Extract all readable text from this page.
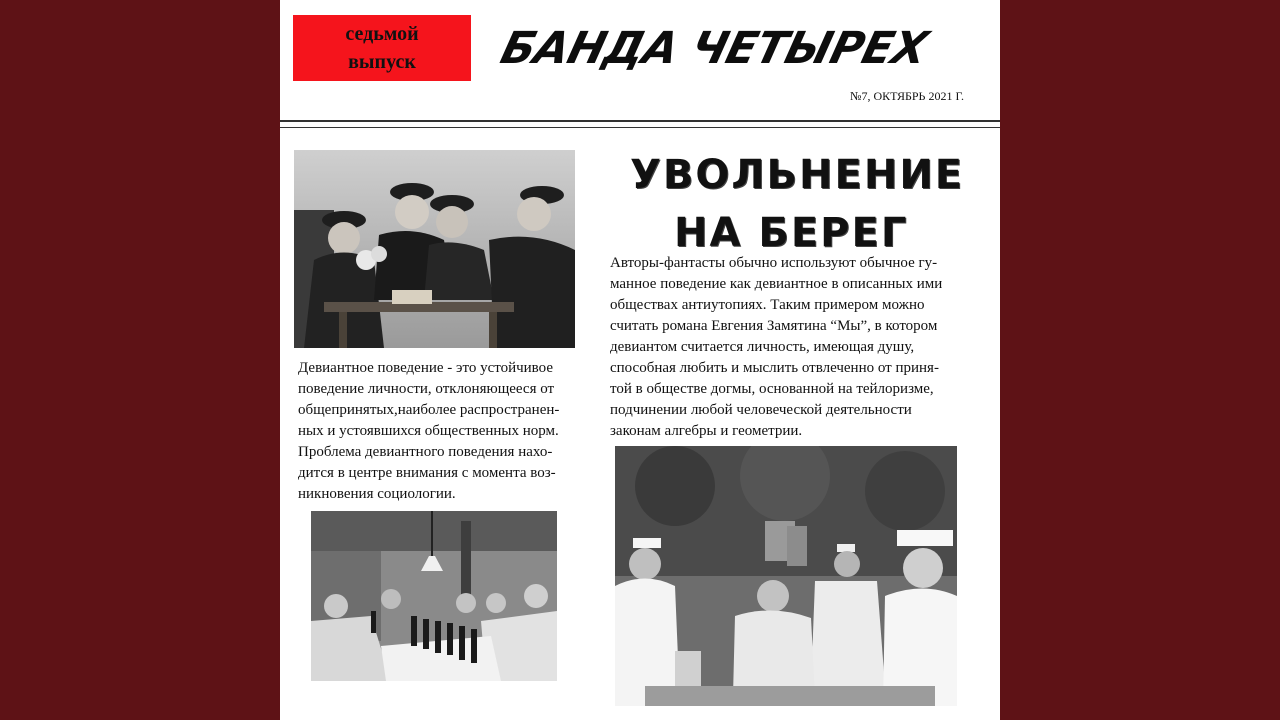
седьмой
выпуск БАНДА ЧЕТЫРЕХ
№7, ОКТЯБРЬ 2021 Г.
УВОЛЬНЕНИЕ
НА БЕРЕГ
Авторы-фантасты обычно используют обычное гу-
манное поведение как девиантное в описанных ими
обществах антиутопиях. Таким примером можно
считать романа Евгения Замятина “Мы”, в котором
девиантом считается личность, имеющая душу,
способная любить и мыслить отвлеченно от приня-
той в обществе догмы, основанной на тейлоризме,
подчинении любой человеческой деятельности
законам алгебры и геометрии.
Девиантное поведение - это устойчивое
поведение личности, отклоняющееся от
общепринятых,наиболее распространен-
ных и устоявшихся общественных норм.
Проблема девиантного поведения нахо-
дится в центре внимания с момента воз-
никновения социологии.
